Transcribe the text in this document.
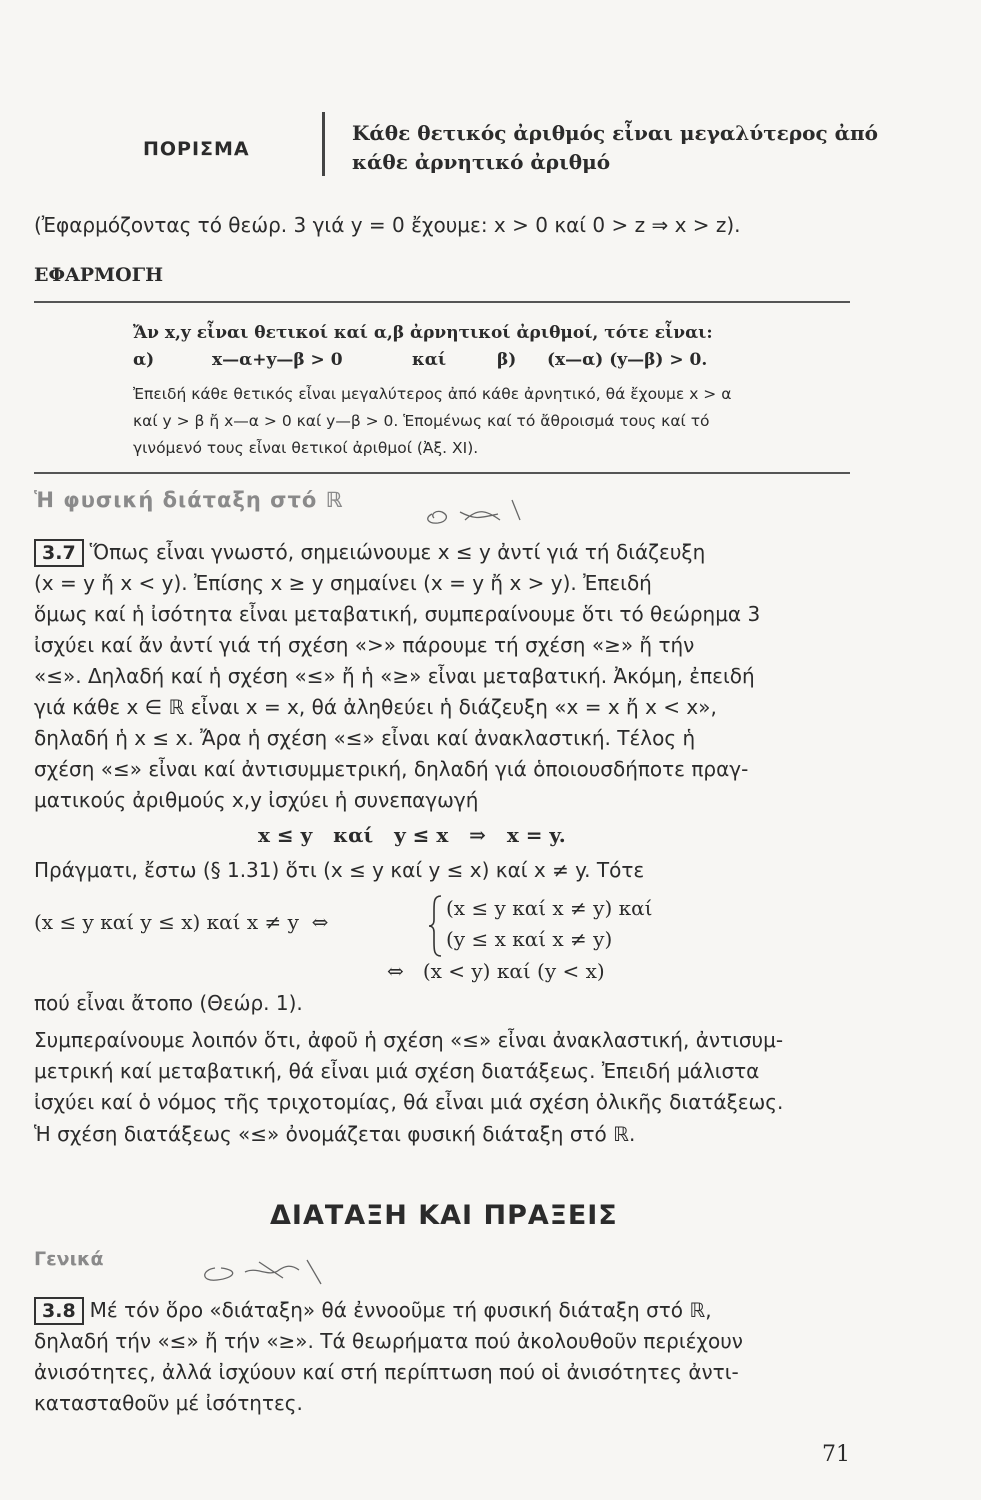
ΠΟΡΙΣΜΑ
Κάθε θετικός ἀριθμός εἶναι μεγαλύτερος ἀπό
κάθε ἀρνητικό ἀριθμό
(Ἐφαρμόζοντας τό θεώρ. 3 γιά y = 0 ἔχουμε: x > 0 καί 0 > z ⇒ x > z).
ΕΦΑΡΜΟΓΗ
Ἄν x,y εἶναι θετικοί καί α,β ἀρνητικοί ἀριθμοί, τότε εἶναι:
α)	x—α+y—β > 0	καί	β) (x—α) (y—β) > 0.
Ἐπειδή κάθε θετικός εἶναι μεγαλύτερος ἀπό κάθε ἀρνητικό, θά ἔχουμε x > α
καί y > β ἤ x—α > 0 καί y—β > 0. Ἑπομένως καί τό ἄθροισμά τους καί τό
γινόμενό τους εἶναι θετικοί ἀριθμοί (Ἀξ. XI).
Ἡ φυσική διάταξη στό ℝ
3.7 Ὅπως εἶναι γνωστό, σημειώνουμε x ≤ y ἀντί γιά τή διάζευξη
(x = y ἤ x < y). Ἐπίσης x ≥ y σημαίνει (x = y ἤ x > y). Ἐπειδή
ὅμως καί ἡ ἰσότητα εἶναι μεταβατική, συμπεραίνουμε ὅτι τό θεώρημα 3
ἰσχύει καί ἄν ἀντί γιά τή σχέση «>» πάρουμε τή σχέση «≥» ἤ τήν
«≤». Δηλαδή καί ἡ σχέση «≤» ἤ ἡ «≥» εἶναι μεταβατική. Ἀκόμη, ἐπειδή
γιά κάθε x ∈ ℝ εἶναι x = x, θά ἀληθεύει ἡ διάζευξη «x = x ἤ x < x»,
δηλαδή ἡ x ≤ x. Ἄρα ἡ σχέση «≤» εἶναι καί ἀνακλαστική. Τέλος ἡ
σχέση «≤» εἶναι καί ἀντισυμμετρική, δηλαδή γιά ὁποιουσδήποτε πραγ-
ματικούς ἀριθμούς x,y ἰσχύει ἡ συνεπαγωγή
x ≤ y   καί   y ≤ x   ⇒   x = y.
Πράγματι, ἔστω (§ 1.31) ὅτι (x ≤ y καί y ≤ x) καί x ≠ y. Τότε
(x ≤ y καί y ≤ x) καί x ≠ y  ⇔
(x ≤ y καί x ≠ y) καί
(y ≤ x καί x ≠ y)
⇔   (x < y) καί (y < x)
πού εἶναι ἄτοπο (Θεώρ. 1).
Συμπεραίνουμε λοιπόν ὅτι, ἀφοῦ ἡ σχέση «≤» εἶναι ἀνακλαστική, ἀντισυμ-
μετρική καί μεταβατική, θά εἶναι μιά σχέση διατάξεως. Ἐπειδή μάλιστα
ἰσχύει καί ὁ νόμος τῆς τριχοτομίας, θά εἶναι μιά σχέση ὁλικῆς διατάξεως.
Ἡ σχέση διατάξεως «≤» ὀνομάζεται φυσική διάταξη στό ℝ.
ΔΙΑΤΑΞΗ ΚΑΙ ΠΡΑΞΕΙΣ
Γενικά
3.8 Μέ τόν ὅρο «διάταξη» θά ἐννοοῦμε τή φυσική διάταξη στό ℝ,
δηλαδή τήν «≤» ἤ τήν «≥». Τά θεωρήματα πού ἀκολουθοῦν περιέχουν
ἀνισότητες, ἀλλά ἰσχύουν καί στή περίπτωση πού οἱ ἀνισότητες ἀντι-
κατασταθοῦν μέ ἰσότητες.
71
